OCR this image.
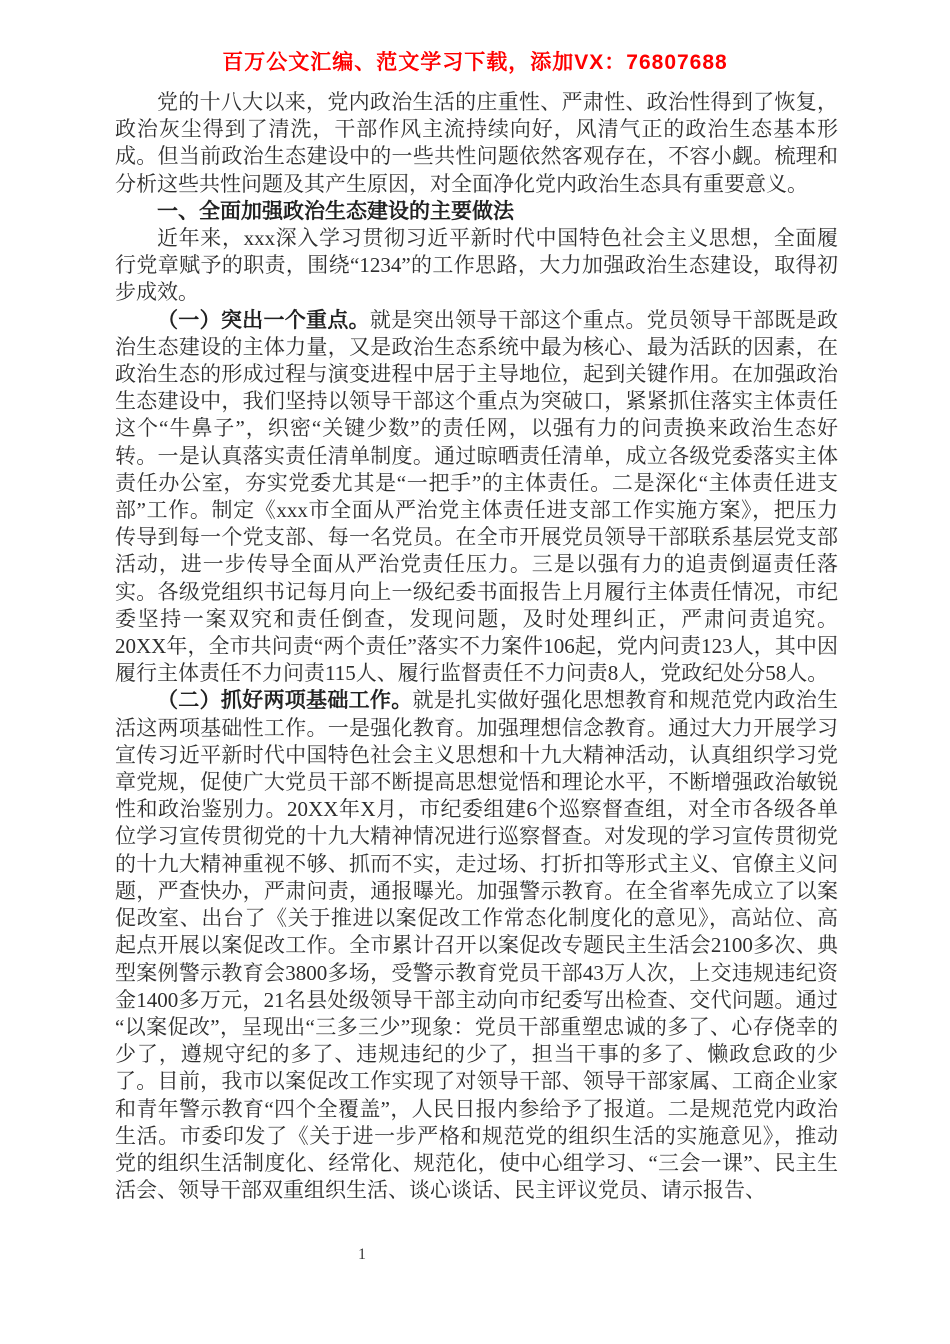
百万公文汇编、范文学习下载，添加VX：76807688

党的十八大以来，党内政治生活的庄重性、严肃性、政治性得到了恢复，政治灰尘得到了清洗，干部作风主流持续向好，风清气正的政治生态基本形成。但当前政治生态建设中的一些共性问题依然客观存在，不容小觑。梳理和分析这些共性问题及其产生原因，对全面净化党内政治生态具有重要意义。

一、全面加强政治生态建设的主要做法

近年来，xxx深入学习贯彻习近平新时代中国特色社会主义思想，全面履行党章赋予的职责，围绕“1234”的工作思路，大力加强政治生态建设，取得初步成效。

（一）突出一个重点。就是突出领导干部这个重点。党员领导干部既是政治生态建设的主体力量，又是政治生态系统中最为核心、最为活跃的因素，在政治生态的形成过程与演变进程中居于主导地位，起到关键作用。在加强政治生态建设中，我们坚持以领导干部这个重点为突破口，紧紧抓住落实主体责任这个“牛鼻子”，织密“关键少数”的责任网，以强有力的问责换来政治生态好转。一是认真落实责任清单制度。通过晾晒责任清单，成立各级党委落实主体责任办公室，夯实党委尤其是“一把手”的主体责任。二是深化“主体责任进支部”工作。制定《xxx市全面从严治党主体责任进支部工作实施方案》，把压力传导到每一个党支部、每一名党员。在全市开展党员领导干部联系基层党支部活动，进一步传导全面从严治党责任压力。三是以强有力的追责倒逼责任落实。各级党组织书记每月向上一级纪委书面报告上月履行主体责任情况，市纪委坚持一案双究和责任倒查，发现问题，及时处理纠正，严肃问责追究。20XX年，全市共问责“两个责任”落实不力案件106起，党内问责123人，其中因履行主体责任不力问责115人、履行监督责任不力问责8人，党政纪处分58人。

（二）抓好两项基础工作。就是扎实做好强化思想教育和规范党内政治生活这两项基础性工作。一是强化教育。加强理想信念教育。通过大力开展学习宣传习近平新时代中国特色社会主义思想和十九大精神活动，认真组织学习党章党规，促使广大党员干部不断提高思想觉悟和理论水平，不断增强政治敏锐性和政治鉴别力。20XX年X月，市纪委组建6个巡察督查组，对全市各级各单位学习宣传贯彻党的十九大精神情况进行巡察督查。对发现的学习宣传贯彻党的十九大精神重视不够、抓而不实，走过场、打折扣等形式主义、官僚主义问题，严查快办，严肃问责，通报曝光。加强警示教育。在全省率先成立了以案促改室、出台了《关于推进以案促改工作常态化制度化的意见》，高站位、高起点开展以案促改工作。全市累计召开以案促改专题民主生活会2100多次、典型案例警示教育会3800多场，受警示教育党员干部43万人次，上交违规违纪资金1400多万元，21名县处级领导干部主动向市纪委写出检查、交代问题。通过“以案促改”，呈现出“三多三少”现象：党员干部重塑忠诚的多了、心存侥幸的少了，遵规守纪的多了、违规违纪的少了，担当干事的多了、懒政怠政的少了。目前，我市以案促改工作实现了对领导干部、领导干部家属、工商企业家和青年警示教育“四个全覆盖”，人民日报内参给予了报道。二是规范党内政治生活。市委印发了《关于进一步严格和规范党的组织生活的实施意见》，推动党的组织生活制度化、经常化、规范化，使中心组学习、“三会一课”、民主生活会、领导干部双重组织生活、谈心谈话、民主评议党员、请示报告、

1
